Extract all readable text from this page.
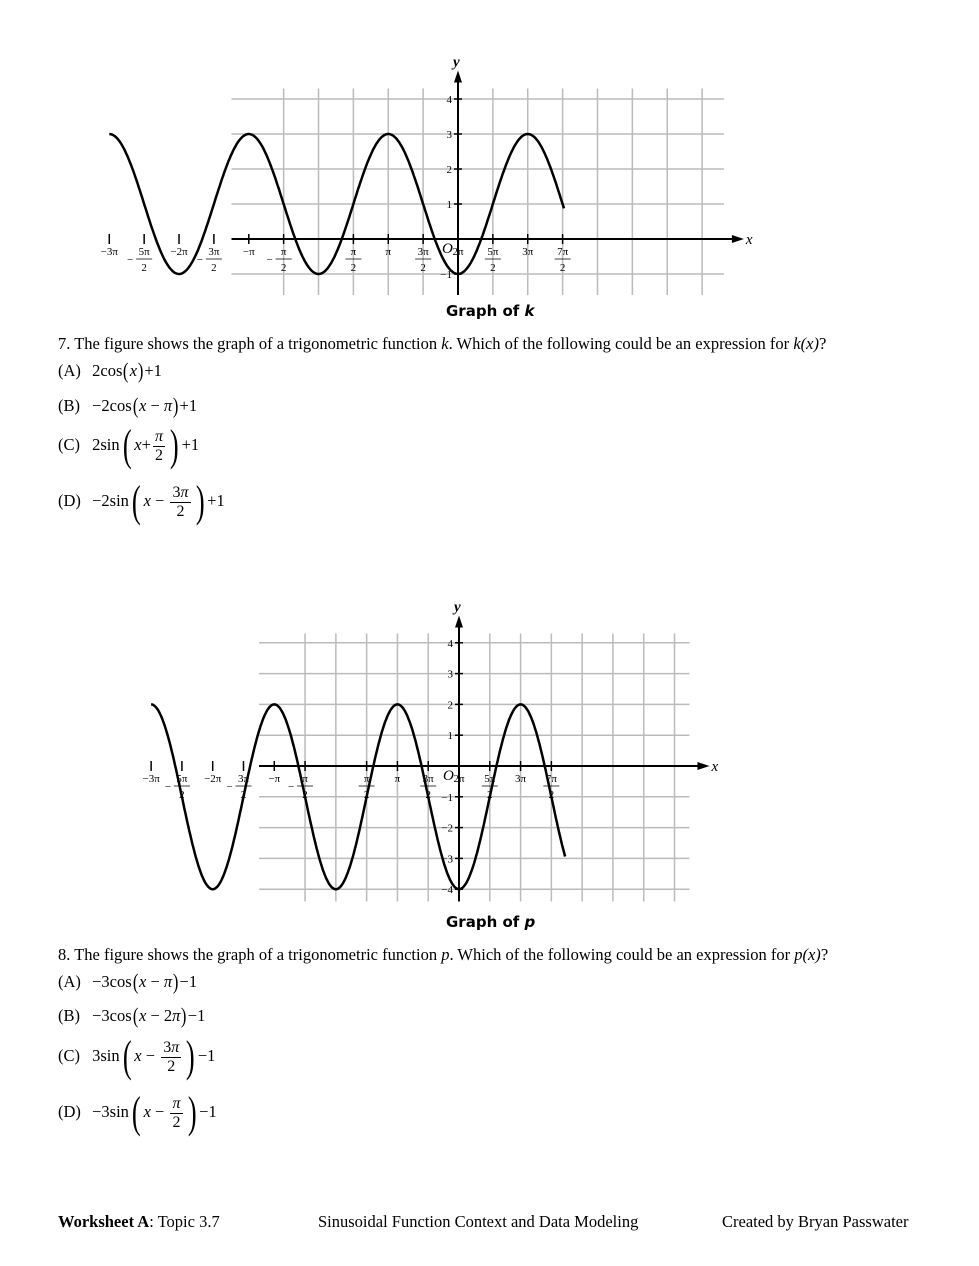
x
y
O
−1
1
2
3
4
−3π 5π
2
−
−2π 3π
2
−
−π π
2
−
π
2
π 3π
2
2π 5π
2
3π 7π
2
Graph of k
7. The figure shows the graph of a trigonometric function k. Which of the following could be an expression for k(x)?
(A) 2cos(x)+1
(B) −2cos(x − π)+1
(C) 2sin( $x+ \frac{\pi}{2}$ ) +1
(D) −2sin( $x - \frac{3\pi}{2}$ ) +1
x
y
O
−4
−3
−2
−1
1
2
3
4
−3π 5π
2
−
−2π 3π
2
−
−π π
2
−
π
2
π 3π
2
2π 5π
2
3π 7π
2
Graph of p
8. The figure shows the graph of a trigonometric function p. Which of the following could be an expression for p(x)?
(A) −3cos(x − π)−1
(B) −3cos(x − 2π)−1
(C) 3sin( $x - \frac{3\pi}{2}$ ) −1
(D) −3sin( $x - \frac{\pi}{2}$ ) −1
Worksheet A: Topic 3.7	Sinusoidal Function Context and Data Modeling	Created by Bryan Passwater
